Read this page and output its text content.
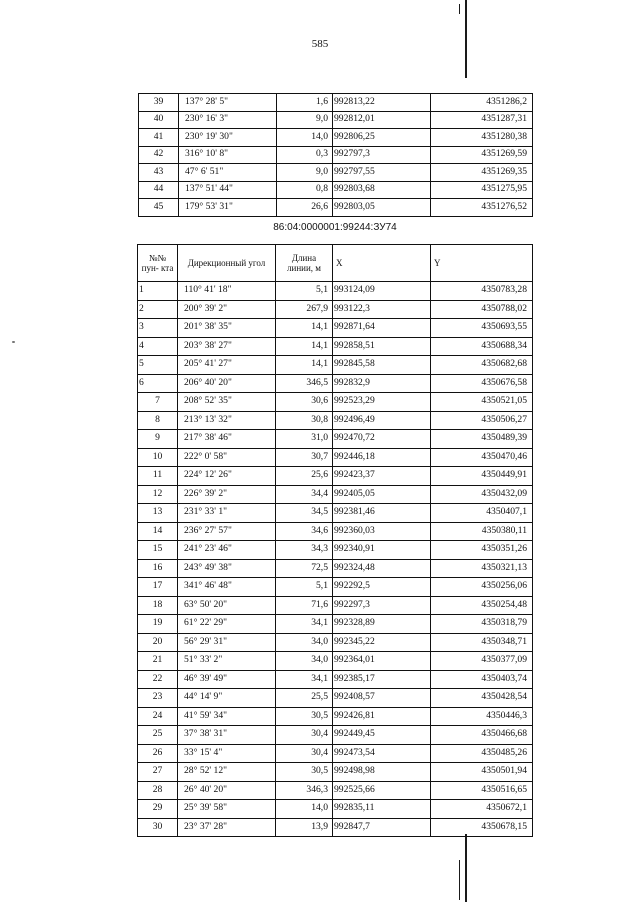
585
39	137° 28' 5"	1,6	992813,22	4351286,2
40	230° 16' 3"	9,0	992812,01	4351287,31
41	230° 19' 30"	14,0	992806,25	4351280,38
42	316° 10' 8"	0,3	992797,3	4351269,59
43	47° 6' 51"	9,0	992797,55	4351269,35
44	137° 51' 44"	0,8	992803,68	4351275,95
45	179° 53' 31"	26,6	992803,05	4351276,52
86:04:0000001:99244:ЗУ74
№№ пун- кта	Дирекционный угол	Длина линии, м	X	Y
1	110° 41' 18"	5,1	993124,09	4350783,28
2	200° 39' 2"	267,9	993122,3	4350788,02
3	201° 38' 35"	14,1	992871,64	4350693,55
4	203° 38' 27"	14,1	992858,51	4350688,34
5	205° 41' 27"	14,1	992845,58	4350682,68
6	206° 40' 20"	346,5	992832,9	4350676,58
7	208° 52' 35"	30,6	992523,29	4350521,05
8	213° 13' 32"	30,8	992496,49	4350506,27
9	217° 38' 46"	31,0	992470,72	4350489,39
10	222° 0' 58"	30,7	992446,18	4350470,46
11	224° 12' 26"	25,6	992423,37	4350449,91
12	226° 39' 2"	34,4	992405,05	4350432,09
13	231° 33' 1"	34,5	992381,46	4350407,1
14	236° 27' 57"	34,6	992360,03	4350380,11
15	241° 23' 46"	34,3	992340,91	4350351,26
16	243° 49' 38"	72,5	992324,48	4350321,13
17	341° 46' 48"	5,1	992292,5	4350256,06
18	63° 50' 20"	71,6	992297,3	4350254,48
19	61° 22' 29"	34,1	992328,89	4350318,79
20	56° 29' 31"	34,0	992345,22	4350348,71
21	51° 33' 2"	34,0	992364,01	4350377,09
22	46° 39' 49"	34,1	992385,17	4350403,74
23	44° 14' 9"	25,5	992408,57	4350428,54
24	41° 59' 34"	30,5	992426,81	4350446,3
25	37° 38' 31"	30,4	992449,45	4350466,68
26	33° 15' 4"	30,4	992473,54	4350485,26
27	28° 52' 12"	30,5	992498,98	4350501,94
28	26° 40' 20"	346,3	992525,66	4350516,65
29	25° 39' 58"	14,0	992835,11	4350672,1
30	23° 37' 28"	13,9	992847,7	4350678,15
